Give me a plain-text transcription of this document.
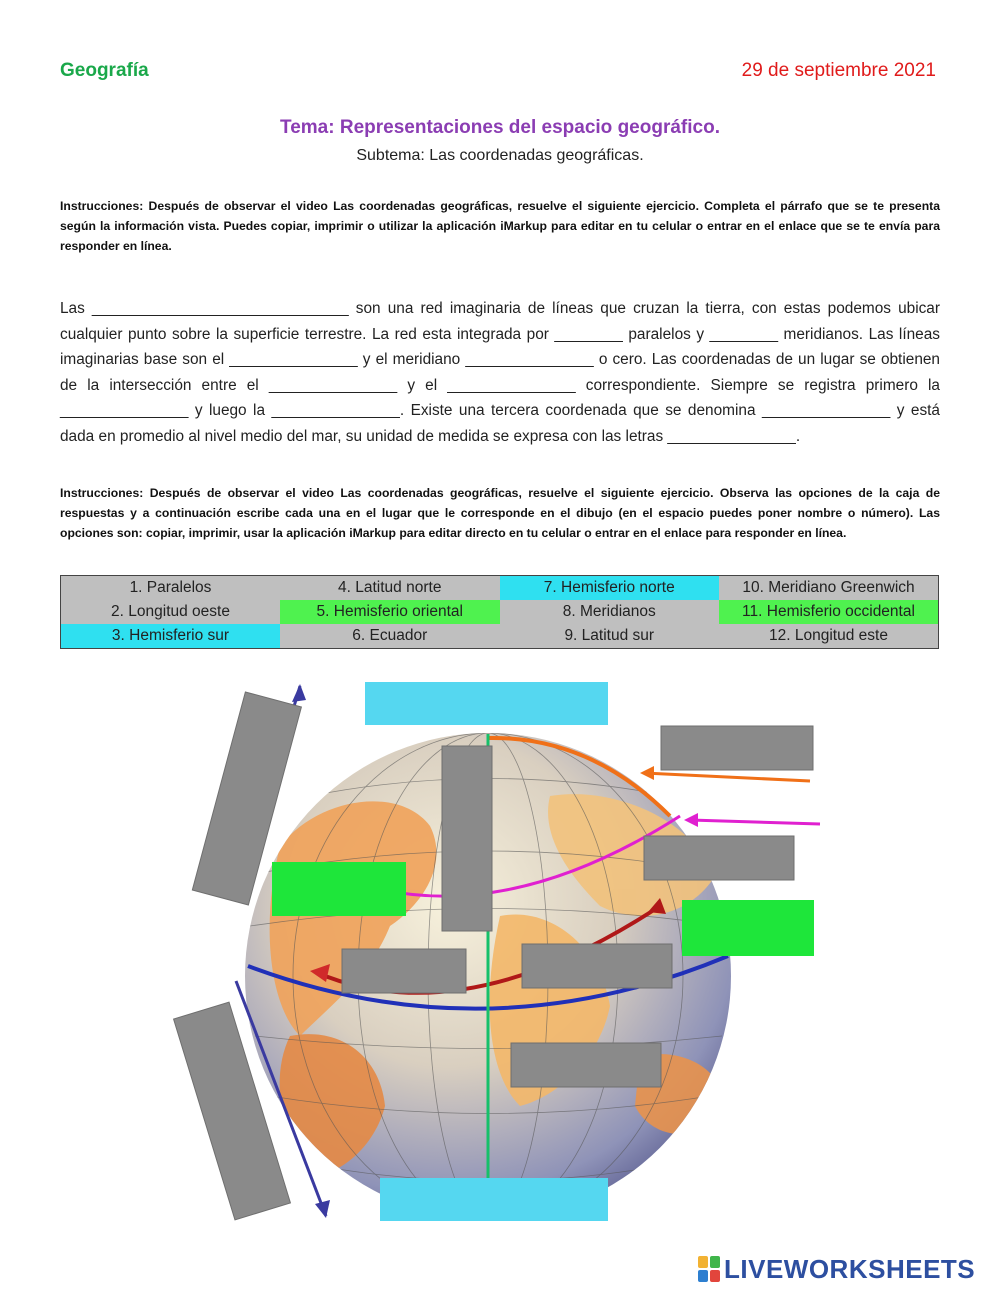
Geografía	29 de septiembre 2021
Tema: Representaciones del espacio geográfico.
Subtema: Las coordenadas geográficas.
Instrucciones: Después de observar el video Las coordenadas geográficas, resuelve el siguiente ejercicio. Completa el párrafo que se te presenta según la información vista. Puedes copiar, imprimir o utilizar la aplicación iMarkup para editar en tu celular o entrar en el enlace que se te envía para responder en línea.

Las ______________________________ son una red imaginaria de líneas que cruzan la tierra, con estas podemos ubicar cualquier punto sobre la superficie terrestre. La red esta integrada por ________ paralelos y ________ meridianos. Las líneas imaginarias base son el _______________ y el meridiano _______________ o cero. Las coordenadas de un lugar se obtienen de la intersección entre el _______________ y el _______________ correspondiente. Siempre se registra primero la _______________ y luego la _______________. Existe una tercera coordenada que se denomina _______________ y está dada en promedio al nivel medio del mar, su unidad de medida se expresa con las letras _______________.

Instrucciones: Después de observar el video Las coordenadas geográficas, resuelve el siguiente ejercicio. Observa las opciones de la caja de respuestas y a continuación escribe cada una en el lugar que le corresponde en el dibujo (en el espacio puedes poner nombre o número). Las opciones son: copiar, imprimir, usar la aplicación iMarkup para editar directo en tu celular o entrar en el enlace para responder en línea.
1. Paralelos	4. Latitud norte	7. Hemisferio norte	10. Meridiano Greenwich
2. Longitud oeste	5. Hemisferio oriental	8. Meridianos	11. Hemisferio occidental
3. Hemisferio sur	6. Ecuador	9. Latitud sur	12. Longitud este
LIVEWORKSHEETS
